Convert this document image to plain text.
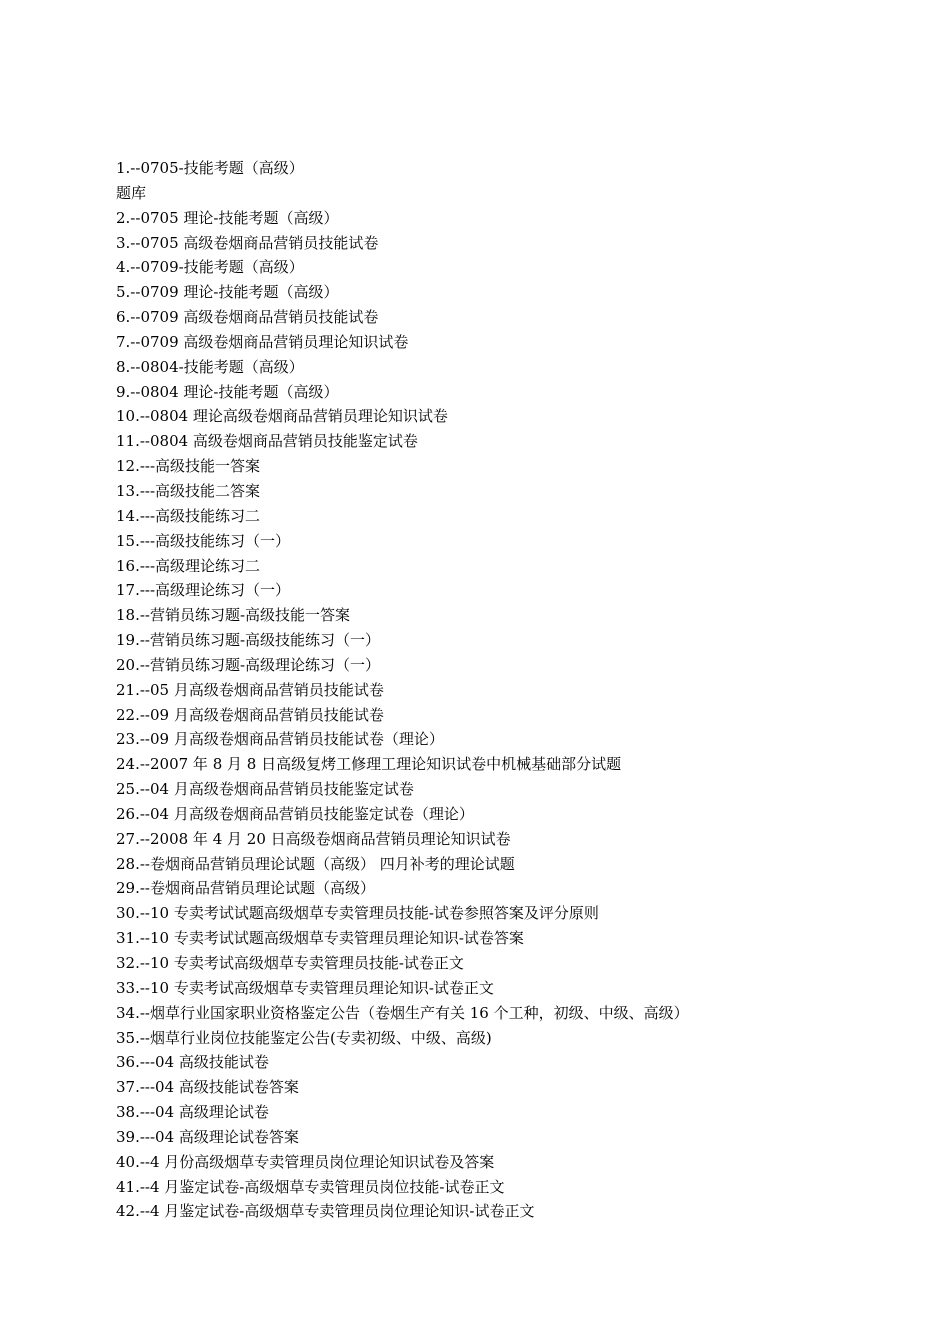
1.--0705-技能考题（高级）
题库
2.--0705 理论-技能考题（高级）
3.--0705 高级卷烟商品营销员技能试卷
4.--0709-技能考题（高级）
5.--0709 理论-技能考题（高级）
6.--0709 高级卷烟商品营销员技能试卷
7.--0709 高级卷烟商品营销员理论知识试卷
8.--0804-技能考题（高级）
9.--0804 理论-技能考题（高级）
10.--0804 理论高级卷烟商品营销员理论知识试卷
11.--0804 高级卷烟商品营销员技能鉴定试卷
12.---高级技能一答案
13.---高级技能二答案
14.---高级技能练习二
15.---高级技能练习（一）
16.---高级理论练习二
17.---高级理论练习（一）
18.--营销员练习题-高级技能一答案
19.--营销员练习题-高级技能练习（一）
20.--营销员练习题-高级理论练习（一）
21.--05 月高级卷烟商品营销员技能试卷
22.--09 月高级卷烟商品营销员技能试卷
23.--09 月高级卷烟商品营销员技能试卷（理论）
24.--2007 年 8 月 8 日高级复烤工修理工理论知识试卷中机械基础部分试题
25.--04 月高级卷烟商品营销员技能鉴定试卷
26.--04 月高级卷烟商品营销员技能鉴定试卷（理论）
27.--2008 年 4 月 20 日高级卷烟商品营销员理论知识试卷
28.--卷烟商品营销员理论试题（高级） 四月补考的理论试题
29.--卷烟商品营销员理论试题（高级）
30.--10 专卖考试试题高级烟草专卖管理员技能-试卷参照答案及评分原则
31.--10 专卖考试试题高级烟草专卖管理员理论知识-试卷答案
32.--10 专卖考试高级烟草专卖管理员技能-试卷正文
33.--10 专卖考试高级烟草专卖管理员理论知识-试卷正文
34.--烟草行业国家职业资格鉴定公告（卷烟生产有关 16 个工种，初级、中级、高级）
35.--烟草行业岗位技能鉴定公告(专卖初级、中级、高级)
36.---04 高级技能试卷
37.---04 高级技能试卷答案
38.---04 高级理论试卷
39.---04 高级理论试卷答案
40.--4 月份高级烟草专卖管理员岗位理论知识试卷及答案
41.--4 月鉴定试卷-高级烟草专卖管理员岗位技能-试卷正文
42.--4 月鉴定试卷-高级烟草专卖管理员岗位理论知识-试卷正文
